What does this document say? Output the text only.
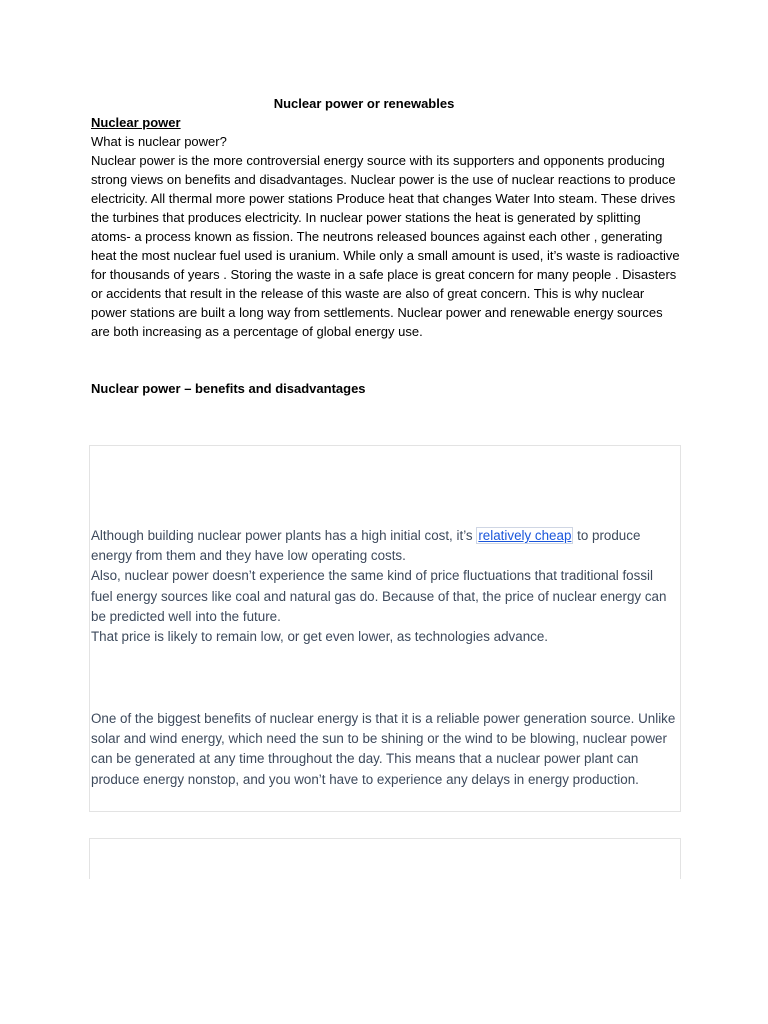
Nuclear power or renewables
Nuclear power
What is nuclear power?

Nuclear power is the more controversial energy source with its supporters and opponents producing strong views on benefits and disadvantages. Nuclear power is the use of nuclear reactions to produce electricity. All thermal more power stations Produce heat that changes Water Into steam. These drives the turbines that produces electricity. In nuclear power stations the heat is generated by splitting atoms- a process known as fission. The neutrons released bounces against each other , generating heat the most nuclear fuel used is uranium. While only a small amount is used, it’s waste is radioactive for thousands of years . Storing the waste in a safe place is great concern for many people . Disasters or accidents that result in the release of this waste are also of great concern. This is why nuclear power stations are built a long way from settlements. Nuclear power and renewable energy sources are both increasing as a percentage of global energy use.

Nuclear power – benefits and disadvantages

Although building nuclear power plants has a high initial cost, it’s relatively cheap to produce energy from them and they have low operating costs.
Also, nuclear power doesn’t experience the same kind of price fluctuations that traditional fossil fuel energy sources like coal and natural gas do. Because of that, the price of nuclear energy can be predicted well into the future.
That price is likely to remain low, or get even lower, as technologies advance.

One of the biggest benefits of nuclear energy is that it is a reliable power generation source. Unlike solar and wind energy, which need the sun to be shining or the wind to be blowing, nuclear power can be generated at any time throughout the day. This means that a nuclear power plant can produce energy nonstop, and you won’t have to experience any delays in energy production.
